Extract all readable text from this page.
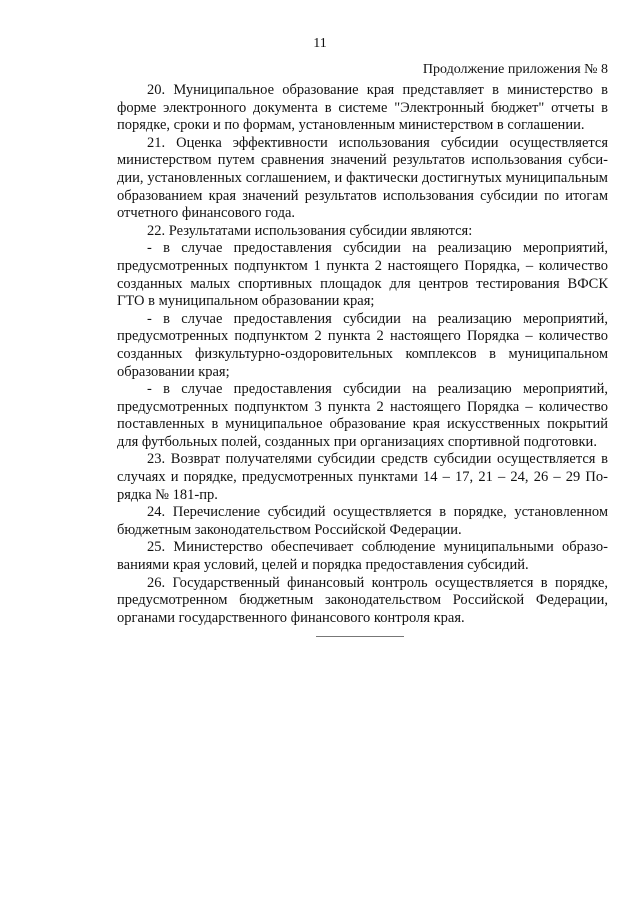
11
Продолжение приложения № 8

20. Муниципальное образование края представляет в министерство в форме электронного документа в системе "Электронный бюджет" отчеты в порядке, сроки и по формам, установленным министерством в соглашении.

21. Оценка эффективности использования субсидии осуществляется министерством путем сравнения значений результатов использования субсидии, установленных соглашением, и фактически достигнутых муниципальным образованием края значений результатов использования субсидии по итогам отчетного финансового года.

22. Результатами использования субсидии являются:

- в случае предоставления субсидии на реализацию мероприятий, предусмотренных подпунктом 1 пункта 2 настоящего Порядка, – количество созданных малых спортивных площадок для центров тестирования ВФСК ГТО в муниципальном образовании края;

- в случае предоставления субсидии на реализацию мероприятий, предусмотренных подпунктом 2 пункта 2 настоящего Порядка – количество созданных физкультурно-оздоровительных комплексов в муниципальном образовании края;

- в случае предоставления субсидии на реализацию мероприятий, предусмотренных подпунктом 3 пункта 2 настоящего Порядка – количество поставленных в муниципальное образование края искусственных покрытий для футбольных полей, созданных при организациях спортивной подготовки.

23. Возврат получателями субсидии средств субсидии осуществляется в случаях и порядке, предусмотренных пунктами 14 – 17, 21 – 24, 26 – 29 Порядка № 181-пр.

24. Перечисление субсидий осуществляется в порядке, установленном бюджетным законодательством Российской Федерации.

25. Министерство обеспечивает соблюдение муниципальными образованиями края условий, целей и порядка предоставления субсидий.

26. Государственный финансовый контроль осуществляется в порядке, предусмотренном бюджетным законодательством Российской Федерации, органами государственного финансового контроля края.
